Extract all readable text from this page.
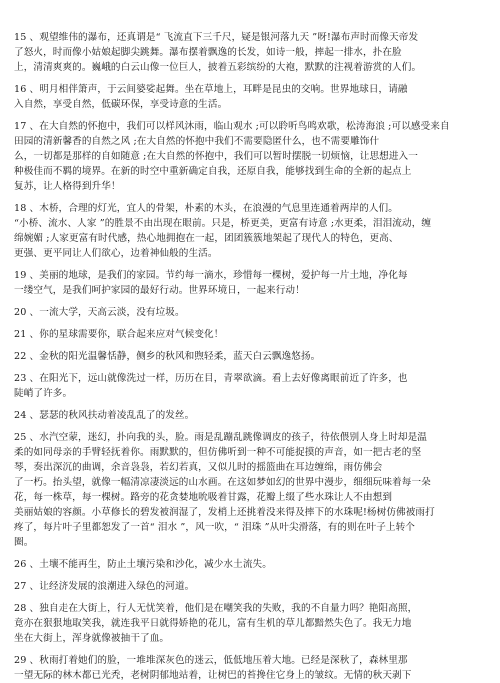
15 、观望维伟的瀑布，还真谓是“ 飞流直下三千尺，疑是银河落九天 ”呀!瀑布声时而像天帝发
了怒火，时而像小姑娘起脚尖跳舞。瀑布摆着飘逸的长发，如诗一般，摔起一排水，扑在脸
上，清清爽爽的。巍峨的白云山像一位巨人，披着五彩缤纷的大袍，默默的注视着游赏的人们。
16 、明月相伴箫声，于云间婆娑起舞。坐在草地上，耳畔是昆虫的交响。世界地球日，请融
入自然，享受自然，低碳环保，享受诗意的生活。
17 、在大自然的怀抱中，我们可以样风沐雨，临山观水 ;可以聆听鸟鸣欢歌，松涛海浪 ;可以感受来自
田园的清新馨香的自然之风 ;在大自然的怀抱中我们不需要隐匿什么，也不需要雕饰什
么，一切都是那样的自如随意 ;在大自然的怀抱中，我们可以暂时摆脱一切烦恼，让思想进入一
种极佳而不羁的境界。在新的时空中重新确定自我，还原自我，能够找到生命的全新的起点上
复苏，让人格得到升华！
18 、木桥，合理的灯光，宜人的骨架，朴素的木头，在浪漫的气息里连通着两岸的人们。
“小桥、流水、人家 ”的胜景不由出现在眼前。只是，桥更美，更富有诗意 ;水更柔，泪泪流动，缠
绵婉媚 ;人家更富有时代感，热心地拥抱在一起，团团簇簇地架起了现代人的特色，更高、
更强、更平同让人们欲心，边着神仙般的生活。
19 、美丽的地球，是我们的家园。节约每一滴水，珍惜每一棵树，爱护每一片土地，净化每
一缕空气，是我们呵护家园的最好行动。世界环境日，一起来行动！
20 、一流大学，天高云淡，没有垃圾。
21 、你的星球需要你，联合起来应对气候变化！
22 、金秋的阳光温馨恬静，侧乡的秋风和煦轻柔，蓝天白云飘逸悠扬。
23 、在阳光下，远山就像洗过一样，历历在目，青翠欲滴。看上去好像离眼前近了许多，也
陡峭了许多。
24 、瑟瑟的秋风扶动着凌乱乱了的发丝。
25 、水汽空蒙，迷幻，扑向我的头，脸。雨是乱蹦乱跳像调皮的孩子，待依偎别人身上时却是温
柔的如同母亲的手臂轻抚着你。雨默默的，但仿佛听到一种不可能捉摸的声音，如一把古老的坚
琴，奏出深沉的曲调，余音袅袅，若幻若真，又似儿时的摇篮曲在耳边缠绵，雨仿佛会
了一朽。抬头望，就像一幅清凉凄淡远的山水画。在这如梦如幻的世界中漫步，细细玩味着每一朵
花，每一株草，每一棵树。路旁的花贪婪地吮吸着甘露，花瓣上缀了些水珠让人不由想到
美丽姑娘的容颜。小草修长的碧发被润湿了，发梢上还挑着没来得及摔下的水珠呢!杨树仿佛被雨打
疼了，每片叶子里都恕发了一首“ 泪水 ”，风一吹，“ 泪珠 ”从叶尖滑落，有的则在叶子上转个
圈。
26 、土壤不能再生，防止土壤污染和沙化，减少水土流失。
27 、让经济发展的浪潮进入绿色的河道。
28 、独自走在大街上，行人无忧笑着，他们是在嘲笑我的失败，我的不自量力吗？艳阳高照，
竟亦在狠狠地取笑我，就连我平日就得娇艳的花儿，富有生机的草儿都黯然失色了。我无力地
坐在大街上，浑身就像被抽干了血。
29 、秋雨打着她们的脸，一堆堆深灰色的迷云，低低地压着大地。已经是深秋了，森林里那
一望无际的林木都已光秃，老树阴郁地站着，让树巴的苔搀住它身上的皱纹。无情的秋天剥下
